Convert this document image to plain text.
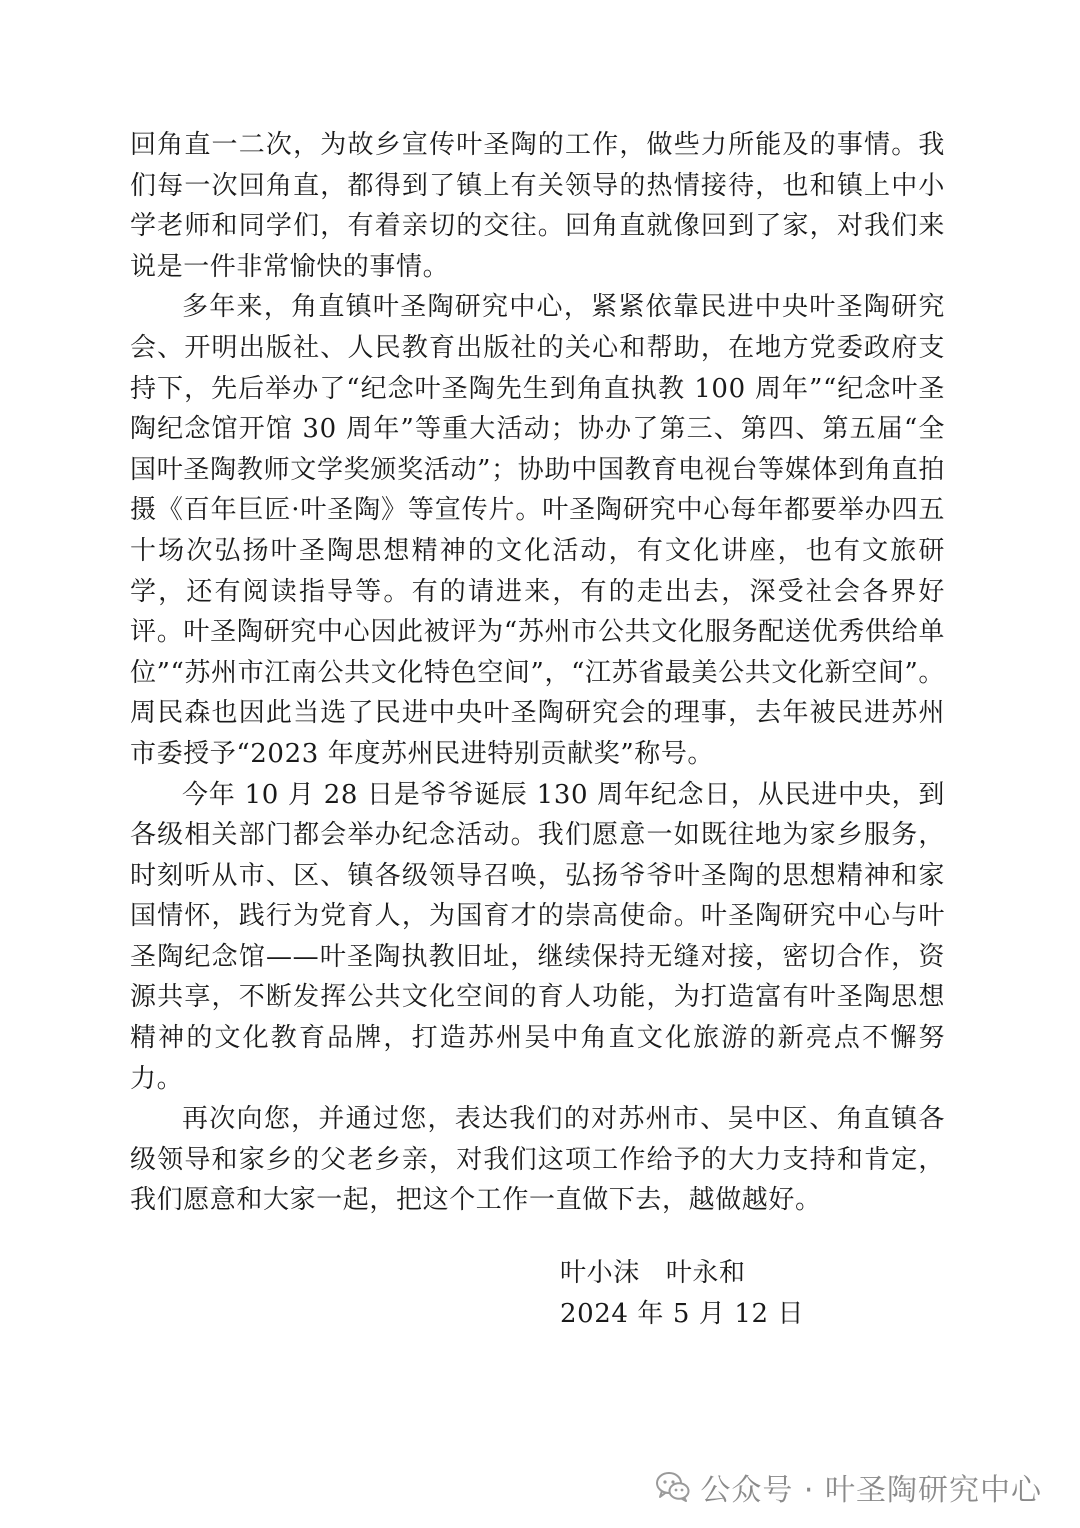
回角直一二次，为故乡宣传叶圣陶的工作，做些力所能及的事情。我们每一次回角直，都得到了镇上有关领导的热情接待，也和镇上中小学老师和同学们，有着亲切的交往。回角直就像回到了家，对我们来说是一件非常愉快的事情。

多年来，角直镇叶圣陶研究中心，紧紧依靠民进中央叶圣陶研究会、开明出版社、人民教育出版社的关心和帮助，在地方党委政府支持下，先后举办了“纪念叶圣陶先生到角直执教 100 周年”“纪念叶圣陶纪念馆开馆 30 周年”等重大活动；协办了第三、第四、第五届“全国叶圣陶教师文学奖颁奖活动”；协助中国教育电视台等媒体到角直拍摄《百年巨匠·叶圣陶》等宣传片。叶圣陶研究中心每年都要举办四五十场次弘扬叶圣陶思想精神的文化活动，有文化讲座，也有文旅研学，还有阅读指导等。有的请进来，有的走出去，深受社会各界好评。叶圣陶研究中心因此被评为“苏州市公共文化服务配送优秀供给单位”“苏州市江南公共文化特色空间”，“江苏省最美公共文化新空间”。周民森也因此当选了民进中央叶圣陶研究会的理事，去年被民进苏州市委授予“2023 年度苏州民进特别贡献奖”称号。

今年 10 月 28 日是爷爷诞辰 130 周年纪念日，从民进中央，到各级相关部门都会举办纪念活动。我们愿意一如既往地为家乡服务，时刻听从市、区、镇各级领导召唤，弘扬爷爷叶圣陶的思想精神和家国情怀，践行为党育人，为国育才的崇高使命。叶圣陶研究中心与叶圣陶纪念馆——叶圣陶执教旧址，继续保持无缝对接，密切合作，资源共享，不断发挥公共文化空间的育人功能，为打造富有叶圣陶思想精神的文化教育品牌，打造苏州吴中角直文化旅游的新亮点不懈努力。

再次向您，并通过您，表达我们的对苏州市、吴中区、角直镇各级领导和家乡的父老乡亲，对我们这项工作给予的大力支持和肯定，我们愿意和大家一起，把这个工作一直做下去，越做越好。

叶小沫 叶永和
2024 年 5 月 12 日
公众号 · 叶圣陶研究中心
